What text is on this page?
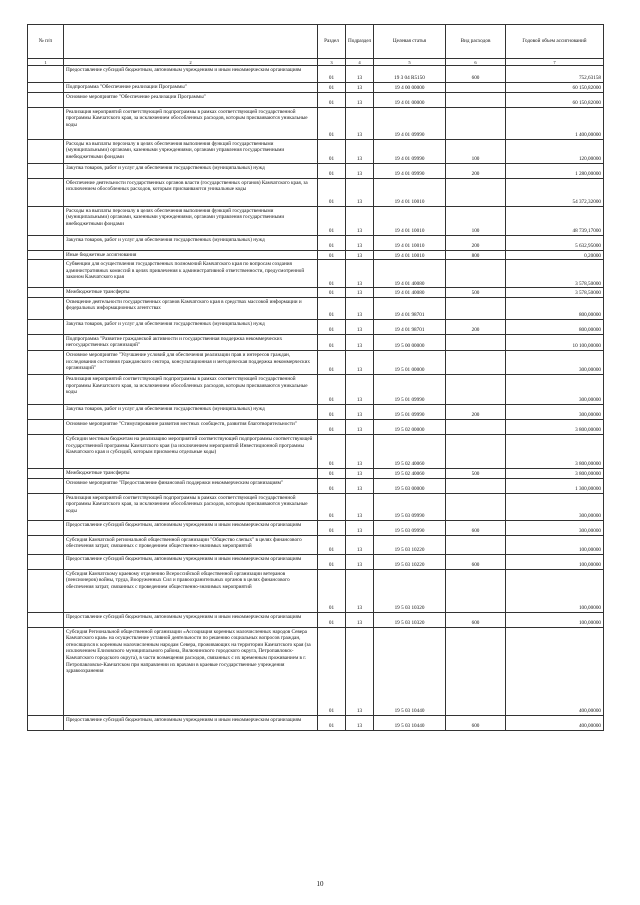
№ п/п		Раздел	Подраздел	Целевая статья	Вид расходов	Годовой объем ассигнований
1	2	3	4	5	6	7
	Предоставление субсидий бюджетным, автономным учреждениям и иным некоммерческим организациям	01	13	19 3 04 R5150	600	752,63158
	Подпрограмма "Обеспечение реализации Программы"	01	13	19 4 00 00000		60 150,82000
	Основное мероприятие "Обеспечение реализации Программы"	01	13	19 4 01 00000		60 150,82000
	Реализация мероприятий соответствующей подпрограммы в рамках соответствующей государственной программы Камчатского края, за исключением обособленных расходов, которым присваиваются уникальные коды	01	13	19 4 01 09990		1 400,00000
	Расходы на выплаты персоналу в целях обеспечения выполнения функций государственными (муниципальными) органами, казенными учреждениями, органами управления государственными внебюджетными фондами	01	13	19 4 01 09990	100	120,00000
	Закупка товаров, работ и услуг для обеспечения государственных (муниципальных) нужд	01	13	19 4 01 09990	200	1 280,00000
	Обеспечение деятельности государственных органов власти (государственных органов) Камчатского края, за исключением обособленных расходов, которым присваиваются уникальные коды	01	13	19 4 01 10010		54 372,32000
	Расходы на выплаты персоналу в целях обеспечения выполнения функций государственными (муниципальными) органами, казенными учреждениями, органами управления государственными внебюджетными фондами	01	13	19 4 01 10010	100	48 739,17000
	Закупка товаров, работ и услуг для обеспечения государственных (муниципальных) нужд	01	13	19 4 01 10010	200	5 632,95000
	Иные бюджетные ассигнования	01	13	19 4 01 10010	800	0,20000
	Субвенции для осуществления государственных полномочий Камчатского края по вопросам создания административных комиссий в целях привлечения к административной ответственности, предусмотренной законом Камчатского края	01	13	19 4 01 40080		3 578,50000
	Межбюджетные трансферты	01	13	19 4 01 40080	500	3 578,50000
	Освещение деятельности государственных органов Камчатского края в средствах массовой информации и федеральных информационных агентствах	01	13	19 4 01 98701		800,00000
	Закупка товаров, работ и услуг для обеспечения государственных (муниципальных) нужд	01	13	19 4 01 98701	200	800,00000
	Подпрограмма "Развитие гражданской активности и государственная поддержка некоммерческих негосударственных организаций"	01	13	19 5 00 00000		10 100,00000
	Основное мероприятие "Улучшение условий для обеспечения реализации прав и интересов граждан, исследования состояния гражданского сектора, консультационная и методическая поддержка некоммерческих организаций"	01	13	19 5 01 00000		300,00000
	Реализация мероприятий соответствующей подпрограммы в рамках соответствующей государственной программы Камчатского края, за исключением обособленных расходов, которым присваиваются уникальные коды	01	13	19 5 01 09990		300,00000
	Закупка товаров, работ и услуг для обеспечения государственных (муниципальных) нужд	01	13	19 5 01 09990	200	300,00000
	Основное мероприятие "Стимулирование развития местных сообществ, развития благотворительности"	01	13	19 5 02 00000		3 800,00000
	Субсидии местным бюджетам на реализацию мероприятий соответствующей подпрограммы соответствующей государственной программы Камчатского края (за исключением мероприятий Инвестиционной программы Камчатского края и субсидий, которым присвоены отдельные коды)	01	13	19 5 02 40060		3 800,00000
	Межбюджетные трансферты	01	13	19 5 02 40060	500	3 800,00000
	Основное мероприятие "Предоставление финансовой поддержки некоммерческим организациям"	01	13	19 5 03 00000		1 300,00000
	Реализация мероприятий соответствующей подпрограммы в рамках соответствующей государственной программы Камчатского края, за исключением обособленных расходов, которым присваиваются уникальные коды	01	13	19 5 03 09990		300,00000
	Предоставление субсидий бюджетным, автономным учреждениям и иным некоммерческим организациям	01	13	19 5 03 09990	600	300,00000
	Субсидия Камчатской региональной общественной организации "Общество слепых" в целях финансового обеспечения затрат, связанных с проведением общественно-значимых мероприятий	01	13	19 5 03 10220		100,00000
	Предоставление субсидий бюджетным, автономным учреждениям и иным некоммерческим организациям	01	13	19 5 03 10220	600	100,00000
	Субсидия Камчатскому краевому отделению Всероссийской общественной организации ветеранов (пенсионеров) войны, труда, Вооруженных Сил и правоохранительных органов в целях финансового обеспечения затрат, связанных с проведением общественно-значимых мероприятий	01	13	19 5 03 10320		100,00000
	Предоставление субсидий бюджетным, автономным учреждениям и иным некоммерческим организациям	01	13	19 5 03 10320	600	100,00000
	Субсидия Региональной общественной организации «Ассоциация коренных малочисленных народов Севера Камчатского края» на осуществление уставной деятельности по решению социальных вопросов граждан, относящихся к коренным малочисленным народам Севера, проживающих на территории Камчатского края (за исключением Елизовского муниципального района, Вилючинского городского округа, Петропавловск-Камчатского городского округа), в части возмещения расходов, связанных с их временным проживанием в г. Петропавловске-Камчатском при направлении их врачами в краевые государственные учреждения здравоохранения	01	13	19 5 03 10440		400,00000
	Предоставление субсидий бюджетным, автономным учреждениям и иным некоммерческим организациям	01	13	19 5 03 10440	600	400,00000
10
